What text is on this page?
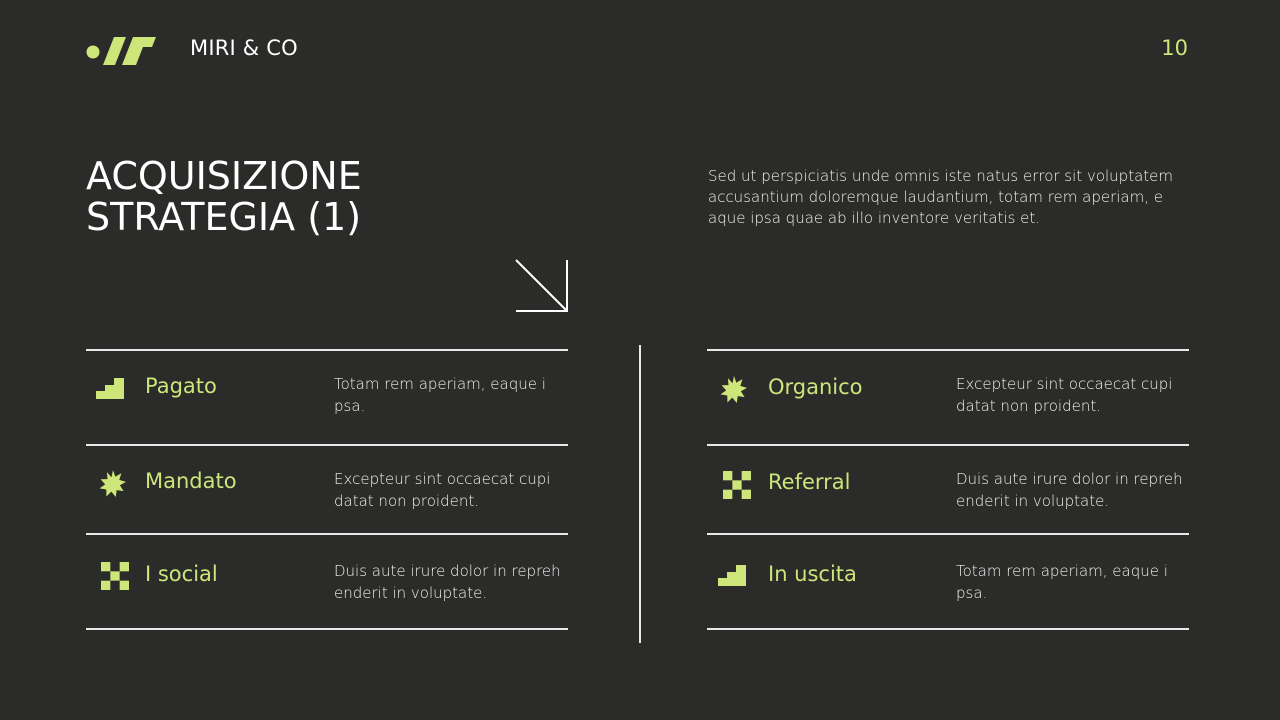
MIRI & CO	10
ACQUISIZIONE
STRATEGIA (1)

Sed ut perspiciatis unde omnis iste natus error sit voluptatem accusantium doloremque laudantium, totam rem aperiam, e aque ipsa quae ab illo inventore veritatis et.

Pagato	Totam rem aperiam, eaque i psa.
Mandato	Excepteur sint occaecat cupi datat non proident.
I social	Duis aute irure dolor in repreh enderit in voluptate.
Organico	Excepteur sint occaecat cupi datat non proident.
Referral	Duis aute irure dolor in repreh enderit in voluptate.
In uscita	Totam rem aperiam, eaque i psa.
